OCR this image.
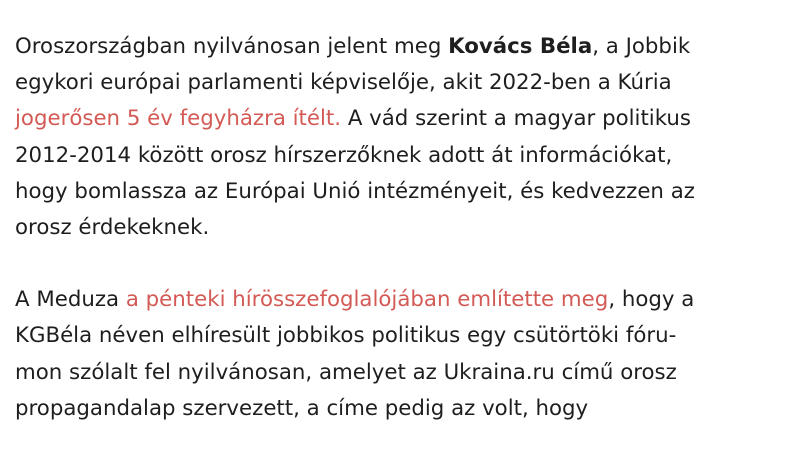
Oroszországban nyilvánosan jelent meg Kovács Béla, a Jobbik
egykori európai parlamenti képviselője, akit 2022-ben a Kúria
jogerősen 5 év fegyházra ítélt. A vád szerint a magyar politikus
2012-2014 között orosz hírszerzőknek adott át információkat,
hogy bomlassza az Európai Unió intézményeit, és kedvezzen az
orosz érdekeknek.

A Meduza a pénteki hírösszefoglalójában említette meg, hogy a
KGBéla néven elhíresült jobbikos politikus egy csütörtöki fóru-
mon szólalt fel nyilvánosan, amelyet az Ukraina.ru című orosz
propagandalap szervezett, a címe pedig az volt, hogy
